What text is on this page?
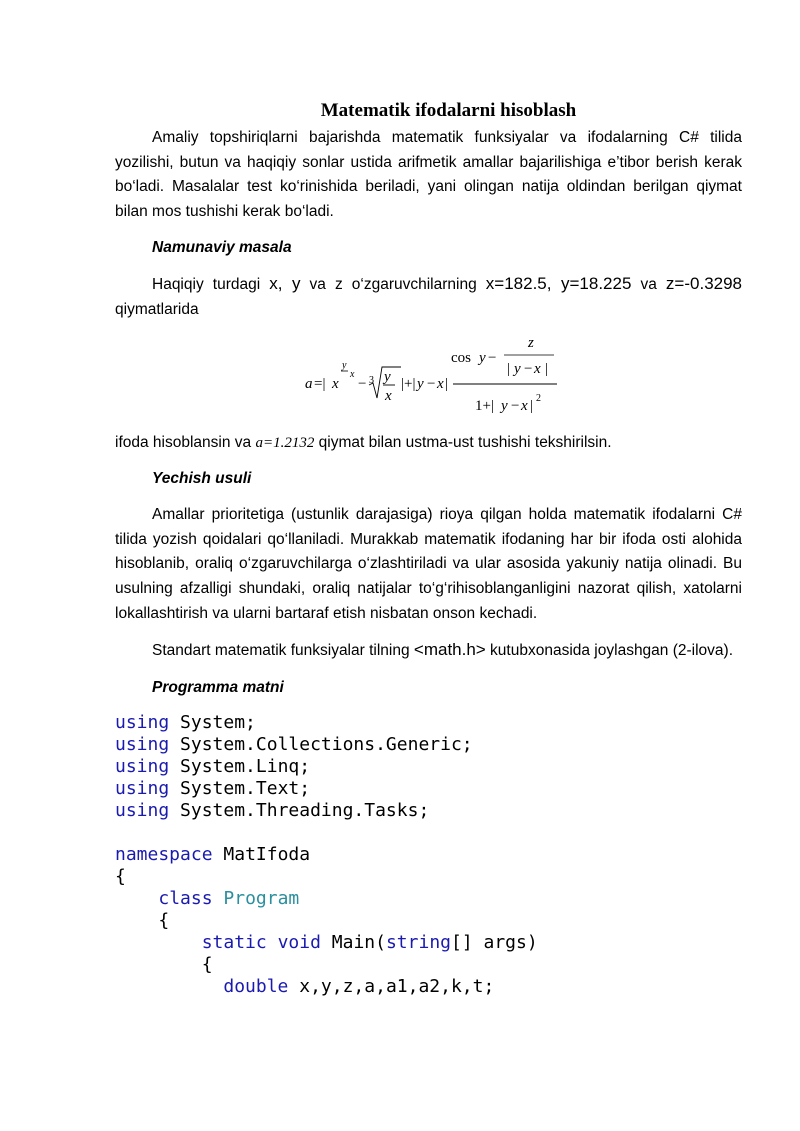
Matematik ifodalarni hisoblash

Amaliy topshiriqlarni bajarishda matematik funksiyalar va ifodalarning C# tilida yozilishi, butun va haqiqiy sonlar ustida arifmetik amallar bajarilishiga e’tibor berish kerak bo‘ladi. Masalalar test ko‘rinishida beriladi, yani olingan natija oldindan berilgan qiymat bilan mos tushishi kerak bo‘ladi.

Namunaviy masala

Haqiqiy turdagi x, y va z o‘zgaruvchilarning x=182.5, y=18.225 va z=-0.3298 qiymatlarida

a =| x
y
x
− 3 y
x
|+| y − x |
cos y −
z
| y − x |
1+| y − x | 2

ifoda hisoblansin va a=1.2132 qiymat bilan ustma-ust tushishi tekshirilsin.

Yechish usuli

Amallar prioritetiga (ustunlik darajasiga) rioya qilgan holda matematik ifodalarni C# tilida yozish qoidalari qo‘llaniladi. Murakkab matematik ifodaning har bir ifoda osti alohida hisoblanib, oraliq o‘zgaruvchilarga o‘zlashtiriladi va ular asosida yakuniy natija olinadi. Bu usulning afzalligi shundaki, oraliq natijalar to‘g‘rihisoblanganligini nazorat qilish, xatolarni lokallashtirish va ularni bartaraf etish nisbatan onson kechadi.

Standart matematik funksiyalar tilning <math.h> kutubxonasida joylashgan (2-ilova).

Programma matni

using System;
using System.Collections.Generic;
using System.Linq;
using System.Text;
using System.Threading.Tasks;
namespace MatIfoda
{
class Program
{
static void Main(string[] args)
{
double x,y,z,a,a1,a2,k,t;
